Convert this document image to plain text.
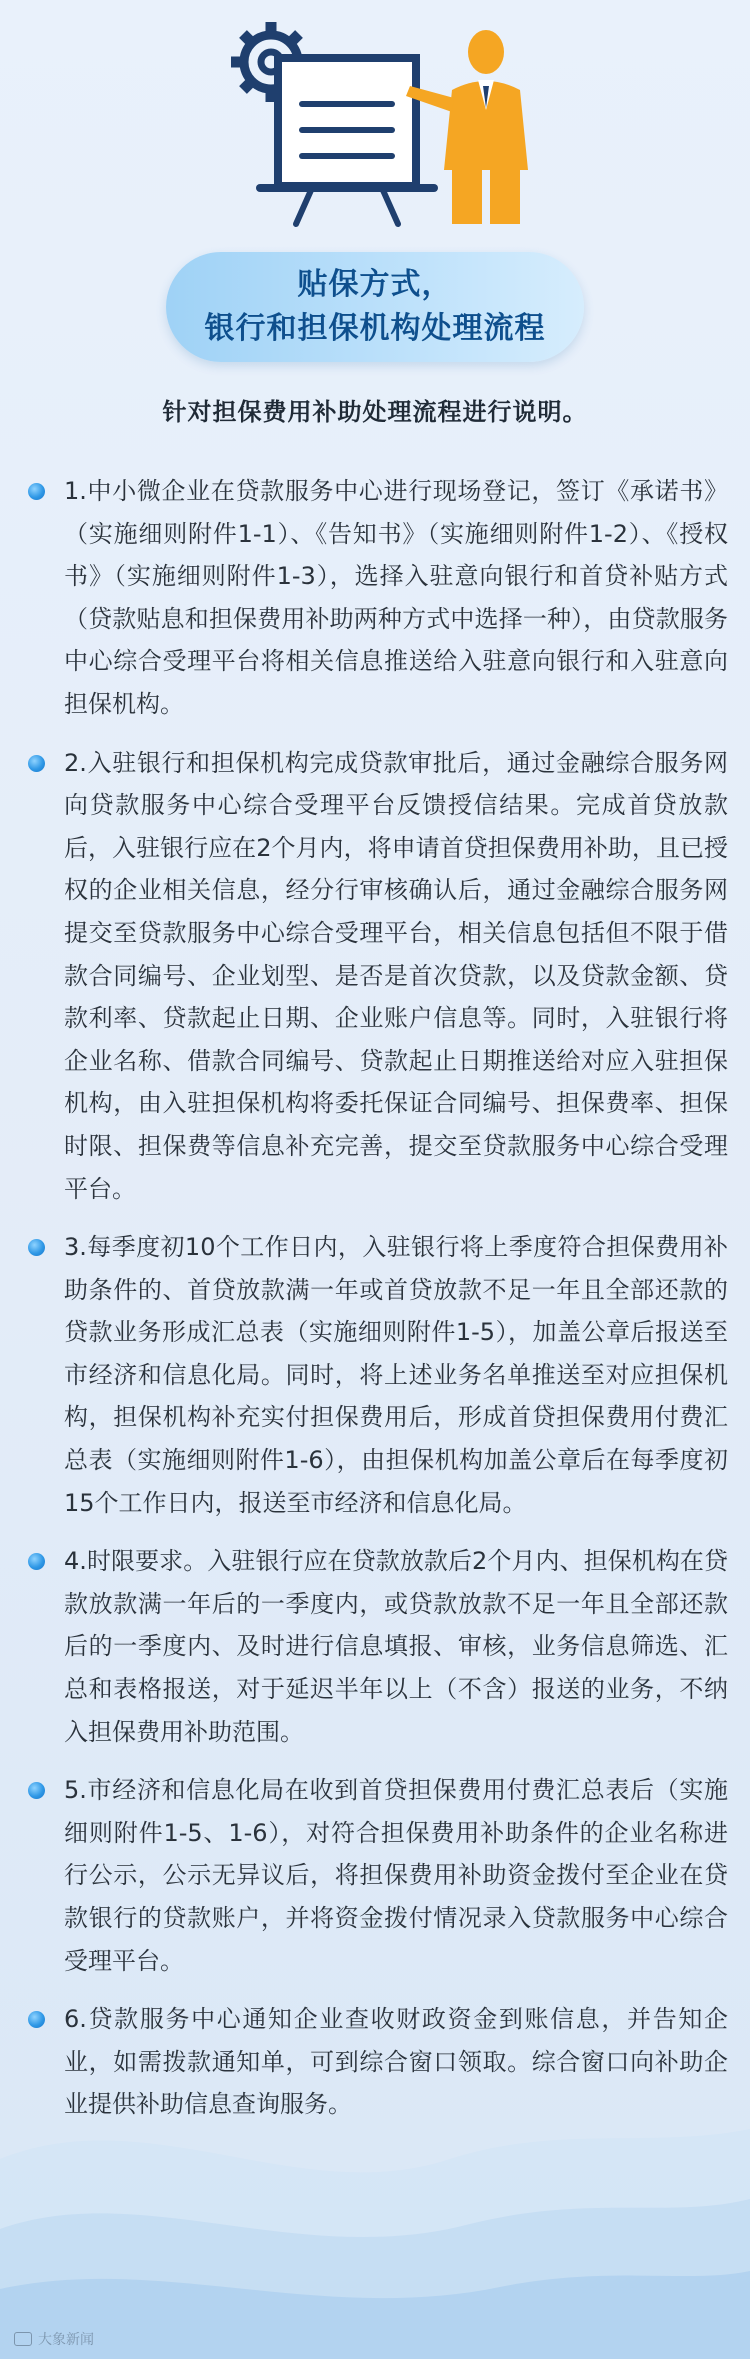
贴保方式，
银行和担保机构处理流程
针对担保费用补助处理流程进行说明。
1.中小微企业在贷款服务中心进行现场登记，签订《承诺书》（实施细则附件1-1）、《告知书》（实施细则附件1-2）、《授权书》（实施细则附件1-3），选择入驻意向银行和首贷补贴方式（贷款贴息和担保费用补助两种方式中选择一种），由贷款服务中心综合受理平台将相关信息推送给入驻意向银行和入驻意向担保机构。
2.入驻银行和担保机构完成贷款审批后，通过金融综合服务网向贷款服务中心综合受理平台反馈授信结果。完成首贷放款后，入驻银行应在2个月内，将申请首贷担保费用补助，且已授权的企业相关信息，经分行审核确认后，通过金融综合服务网提交至贷款服务中心综合受理平台，相关信息包括但不限于借款合同编号、企业划型、是否是首次贷款，以及贷款金额、贷款利率、贷款起止日期、企业账户信息等。同时，入驻银行将企业名称、借款合同编号、贷款起止日期推送给对应入驻担保机构，由入驻担保机构将委托保证合同编号、担保费率、担保时限、担保费等信息补充完善，提交至贷款服务中心综合受理平台。
3.每季度初10个工作日内，入驻银行将上季度符合担保费用补助条件的、首贷放款满一年或首贷放款不足一年且全部还款的贷款业务形成汇总表（实施细则附件1-5），加盖公章后报送至市经济和信息化局。同时，将上述业务名单推送至对应担保机构，担保机构补充实付担保费用后，形成首贷担保费用付费汇总表（实施细则附件1-6），由担保机构加盖公章后在每季度初15个工作日内，报送至市经济和信息化局。
4.时限要求。入驻银行应在贷款放款后2个月内、担保机构在贷款放款满一年后的一季度内，或贷款放款不足一年且全部还款后的一季度内、及时进行信息填报、审核，业务信息筛选、汇总和表格报送，对于延迟半年以上（不含）报送的业务，不纳入担保费用补助范围。
5.市经济和信息化局在收到首贷担保费用付费汇总表后（实施细则附件1-5、1-6），对符合担保费用补助条件的企业名称进行公示，公示无异议后，将担保费用补助资金拨付至企业在贷款银行的贷款账户，并将资金拨付情况录入贷款服务中心综合受理平台。
6.贷款服务中心通知企业查收财政资金到账信息，并告知企业，如需拨款通知单，可到综合窗口领取。综合窗口向补助企业提供补助信息查询服务。
大象新闻
